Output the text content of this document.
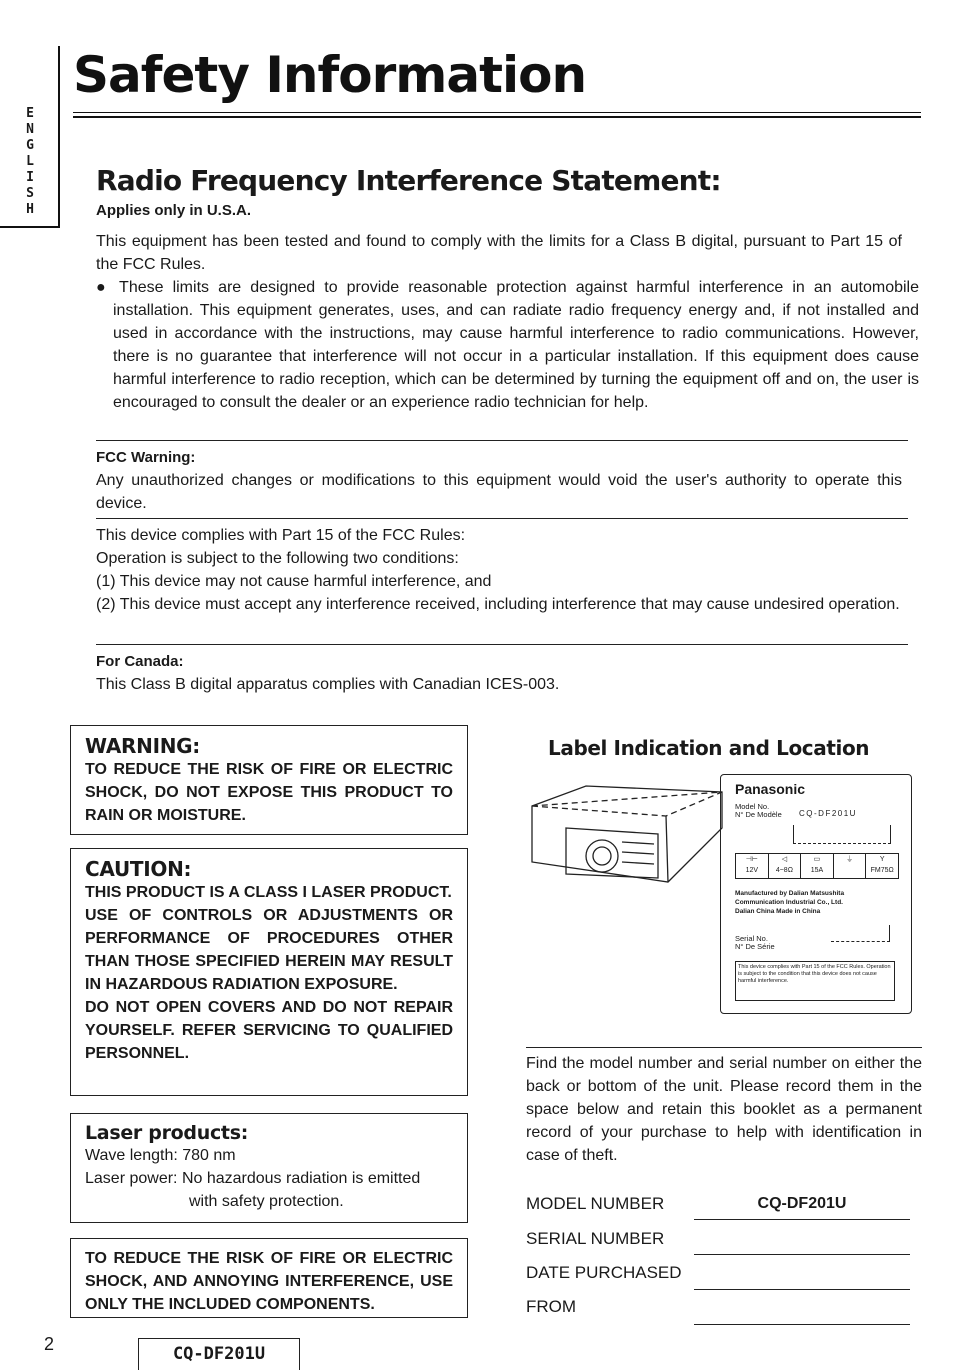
E
N
G
L
I
S
H
Safety Information
Radio Frequency Interference Statement:
Applies only in U.S.A.
This equipment has been tested and found to comply with the limits for a Class B digital, pursuant to Part 15 of the FCC Rules.
● These limits are designed to provide reasonable protection against harmful interference in an automobile installation. This equipment generates, uses, and can radiate radio frequency energy and, if not installed and used in accordance with the instructions, may cause harmful interference to radio communications. However, there is no guarantee that interference will not occur in a particular installation. If this equipment does cause harmful interference to radio reception, which can be determined by turning the equipment off and on, the user is encouraged to consult the dealer or an experience radio technician for help.
FCC Warning:
Any unauthorized changes or modifications to this equipment would void the user's authority to operate this device.
This device complies with Part 15 of the FCC Rules:
Operation is subject to the following two conditions:
(1) This device may not cause harmful interference, and
(2) This device must accept any interference received, including interference that may cause undesired operation.
For Canada:
This Class B digital apparatus complies with Canadian ICES-003.
WARNING:
TO REDUCE THE RISK OF FIRE OR ELECTRIC SHOCK, DO NOT EXPOSE THIS PRODUCT TO RAIN OR MOISTURE.
CAUTION:
THIS PRODUCT IS A CLASS I LASER PRODUCT.
USE OF CONTROLS OR ADJUSTMENTS OR PERFORMANCE OF PROCEDURES OTHER THAN THOSE SPECIFIED HEREIN MAY RESULT IN HAZARDOUS RADIATION EXPOSURE.
DO NOT OPEN COVERS AND DO NOT REPAIR YOURSELF. REFER SERVICING TO QUALIFIED PERSONNEL.
Laser products:
Wave length: 780 nm
Laser power: No hazardous radiation is emitted
with safety protection.
TO REDUCE THE RISK OF FIRE OR ELECTRIC SHOCK, AND ANNOYING INTERFERENCE, USE ONLY THE INCLUDED COMPONENTS.
Label Indication and Location
Panasonic
Model No.
N° De Modèle CQ-DF201U
⊣⊢
12V
◁
4~8Ω
▭
15A
⏚	Y
FM75Ω
Manufactured by Dalian Matsushita
Communication Industrial Co., Ltd.
Dalian China Made in China
Serial No.
N° De Série
This device complies with Part 15 of the FCC Rules. Operation is subject to the condition that this device does not cause harmful interference.
Find the model number and serial number on either the back or bottom of the unit. Please record them in the space below and retain this booklet as a permanent record of your purchase to help with identification in case of theft.
MODEL NUMBER	CQ-DF201U
SERIAL NUMBER
DATE PURCHASED
FROM
2	CQ-DF201U
